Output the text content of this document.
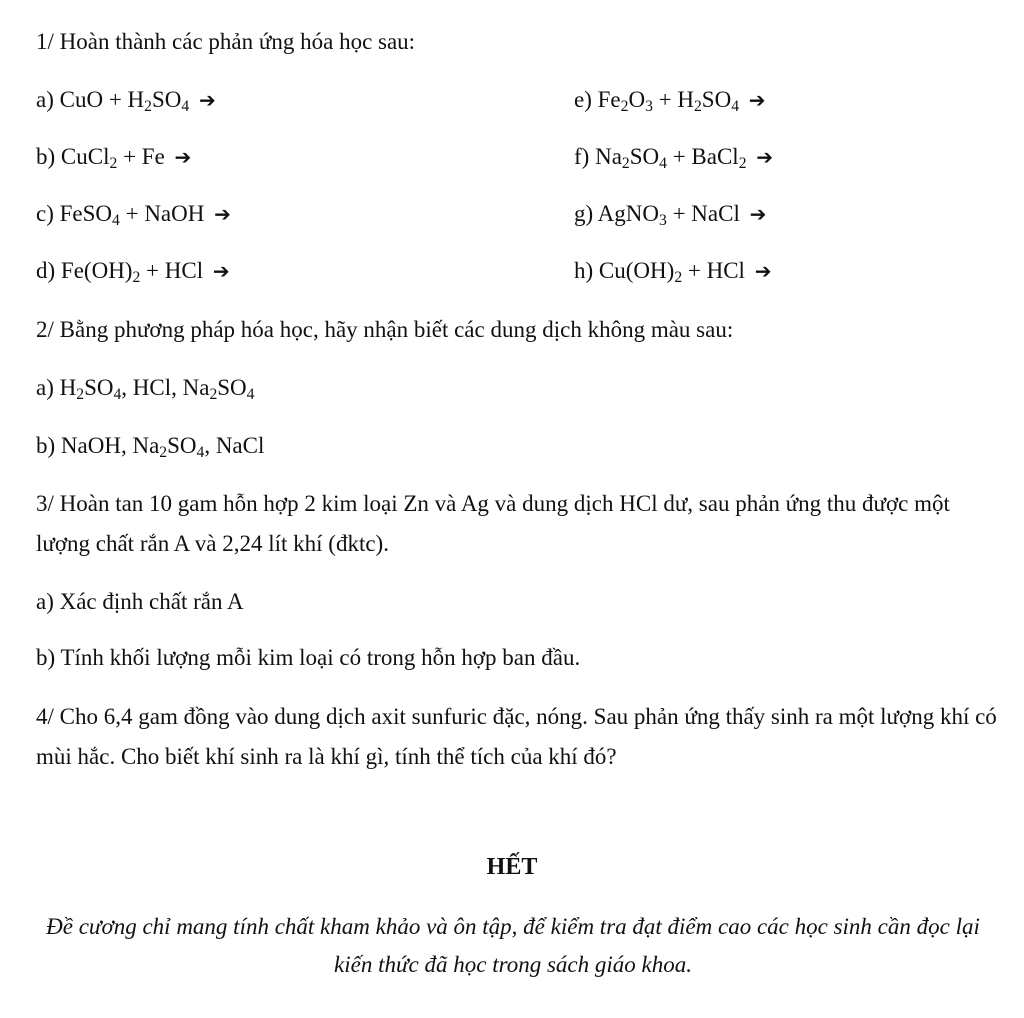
1/ Hoàn thành các phản ứng hóa học sau:
a) CuO + $H_2SO_4$ ➔
b) CuCl$_2$ + Fe ➔
c) FeSO$_4$ + NaOH ➔
d) $Fe(OH)_2$ + HCl ➔
e) $Fe_2O_3 + H_2SO_4$ ➔
f) $Na_2SO_4$ + BaCl$_2$ ➔
g) AgNO$_3$ + NaCl ➔
h) $Cu(OH)_2$ + HCl ➔
2/ Bằng phương pháp hóa học, hãy nhận biết các dung dịch không màu sau:
a) $H_2SO_4$, HCl, $Na_2SO_4$
b) NaOH, $Na_2SO_4$, NaCl
3/ Hoàn tan 10 gam hỗn hợp 2 kim loại Zn và Ag và dung dịch HCl dư, sau phản ứng thu được một lượng chất rắn A và 2,24 lít khí (đktc).
a) Xác định chất rắn A
b) Tính khối lượng mỗi kim loại có trong hỗn hợp ban đầu.
4/ Cho 6,4 gam đồng vào dung dịch axit sunfuric đặc, nóng. Sau phản ứng thấy sinh ra một lượng khí có mùi hắc. Cho biết khí sinh ra là khí gì, tính thể tích của khí đó?
HẾT
Đề cương chỉ mang tính chất kham khảo và ôn tập, để kiểm tra đạt điểm cao các học sinh cần đọc lại kiến thức đã học trong sách giáo khoa.
